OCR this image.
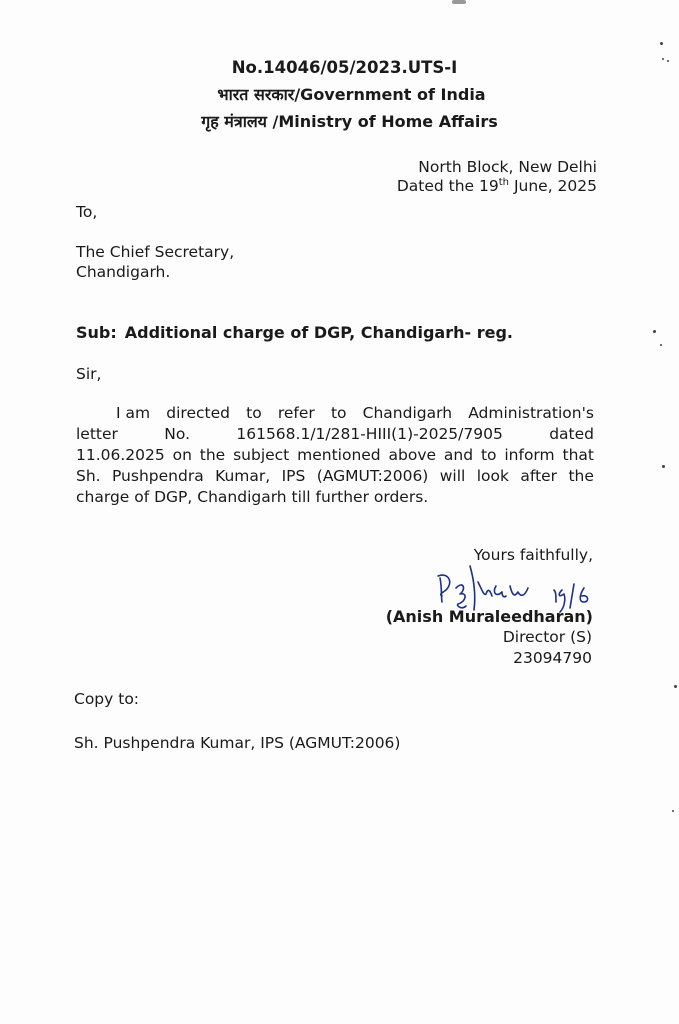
No.14046/05/2023.UTS-I
भारत सरकार/Government of India
गृह मंत्रालय /Ministry of Home Affairs
North Block, New Delhi
Dated the 19th June, 2025
To,
The Chief Secretary,
Chandigarh.
Sub: Additional charge of DGP, Chandigarh- reg.
Sir,
I am directed to refer to Chandigarh Administration's
letter	No.	161568.1/1/281-HIII(1)-2025/7905	dated
11.06.2025 on the subject mentioned above and to inform that
Sh. Pushpendra Kumar, IPS (AGMUT:2006) will look after the
charge of DGP, Chandigarh till further orders.
Yours faithfully,
(Anish Muraleedharan)
Director (S)
23094790
Copy to:
Sh. Pushpendra Kumar, IPS (AGMUT:2006)
